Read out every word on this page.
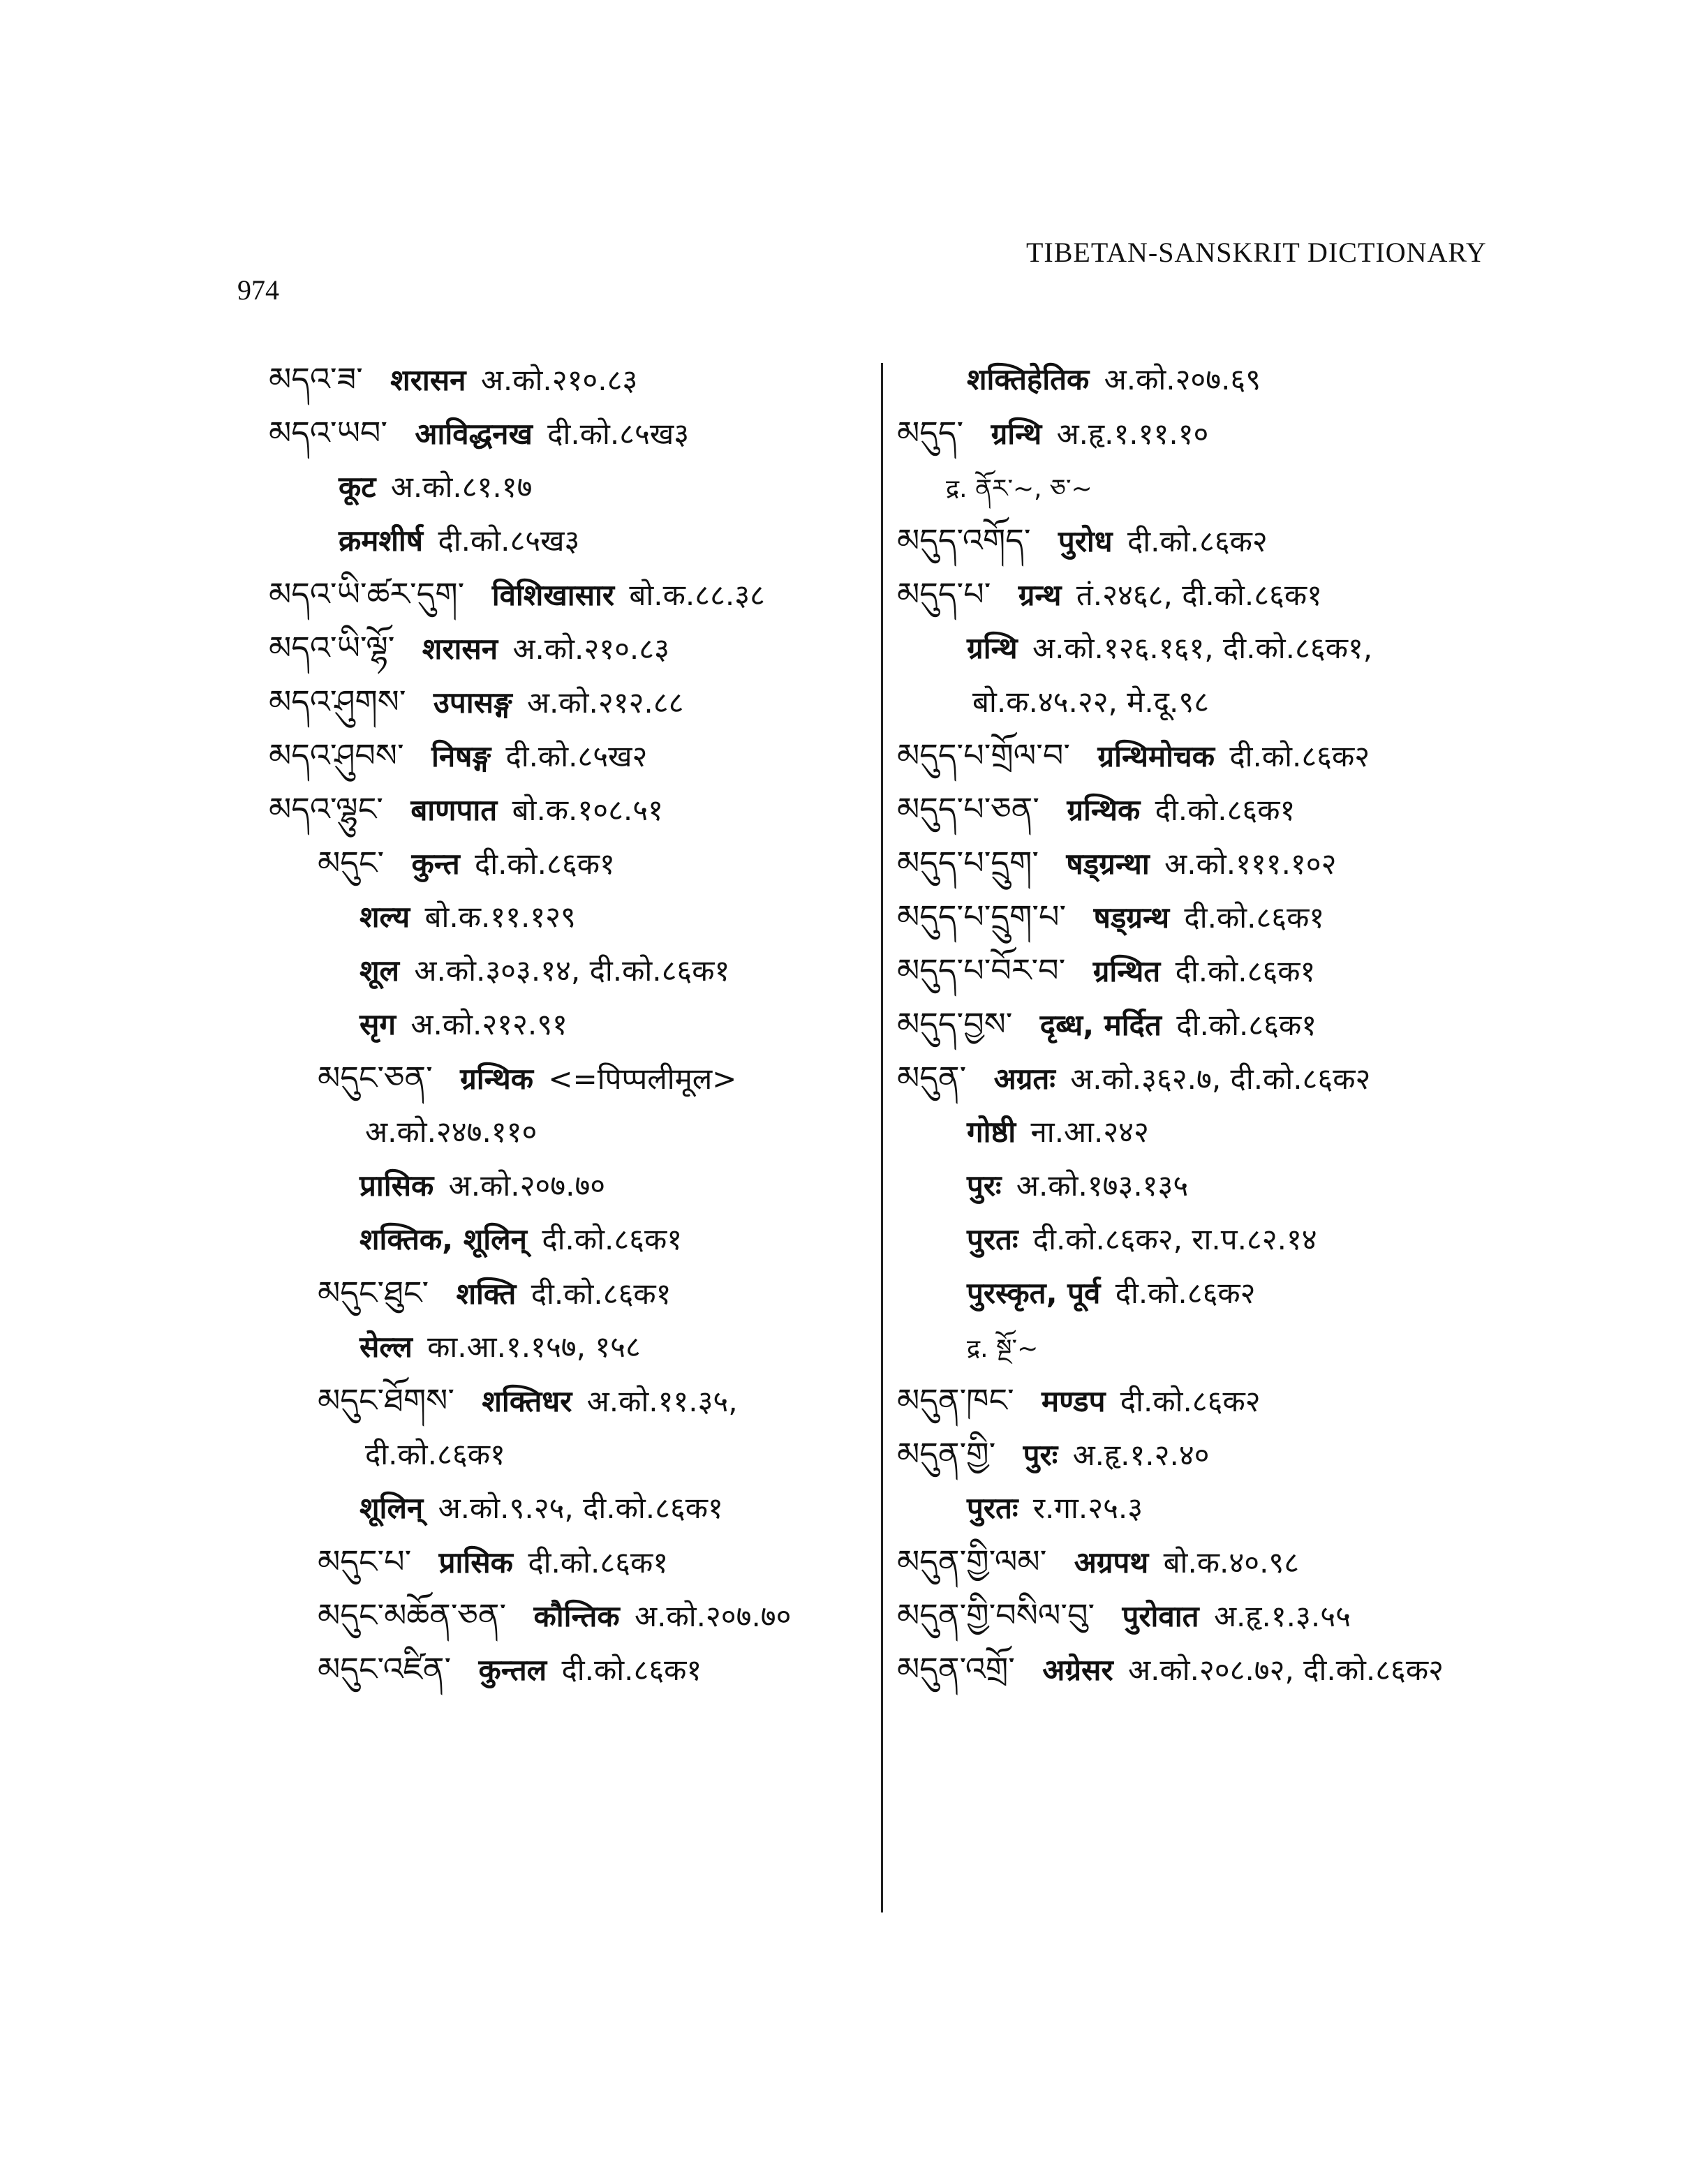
974
TIBETAN-SANSKRIT DICTIONARY
མདའ་ཟ་ शरासन अ.को.२१०.८३
མདའ་ཡབ་ आविद्धनख दी.को.८५ख३
कूट अ.को.८१.१७
क्रमशीर्ष दी.को.८५ख३
མདའ་ཡི་ཚར་དུག་ विशिखासार बो.क.८८.३८
མདའ་ཡི་ལྷོ་ शरासन अ.को.२१०.८३
མདའ་ཤུགས་ उपासङ्ग अ.को.२१२.८८
མདའ་ཤུབས་ निषङ्ग दी.को.८५ख२
མདའ་ལྷུང་ बाणपात बो.क.१०८.५१
མདུང་ कुन्त दी.को.८६क१
शल्य बो.क.११.१२९
शूल अ.को.३०३.१४, दी.को.८६क१
सृग अ.को.२१२.९१
མདུང་ཅན་ ग्रन्थिक <=पिप्पलीमूल>
अ.को.२४७.११०
प्रासिक अ.को.२०७.७०
शक्तिक, शूलिन् दी.को.८६क१
མདུང་ཐུང་ शक्ति दी.को.८६क१
सेल्ल का.आ.१.१५७, १५८
མདུང་ཐོགས་ शक्तिधर अ.को.११.३५,
दी.को.८६क१
शूलिन् अ.को.९.२५, दी.को.८६क१
མདུང་པ་ प्रासिक दी.को.८६क१
མདུང་མཆོན་ཅན་ कौन्तिक अ.को.२०७.७०
མདུང་འཛིན་ कुन्तल दी.को.८६क१
शक्तिहेतिक अ.को.२०७.६९
མདུད་ ग्रन्थि अ.हृ.१.११.१०
द्र. ནོར་~, ཅ་~
མདུད་འགོད་ पुरोध दी.को.८६क२
མདུད་པ་ ग्रन्थ तं.२४६८, दी.को.८६क१
ग्रन्थि अ.को.१२६.१६१, दी.को.८६क१,
बो.क.४५.२२, मे.दू.९८
མདུད་པ་གྲོལ་བ་ ग्रन्थिमोचक दी.को.८६क२
མདུད་པ་ཅན་ ग्रन्थिक दी.को.८६क१
མདུད་པ་དྲུག་ षड्ग्रन्था अ.को.१११.१०२
མདུད་པ་དྲུག་པ་ षड्ग्रन्थ दी.को.८६क१
མདུད་པ་བོར་བ་ ग्रन्थित दी.को.८६क१
མདུད་བྱས་ दृब्ध, मर्दित दी.को.८६क१
མདུན་ अग्रतः अ.को.३६२.७, दी.को.८६क२
गोष्ठी ना.आ.२४२
पुरः अ.को.१७३.१३५
पुरतः दी.को.८६क२, रा.प.८२.१४
पुरस्कृत, पूर्व दी.को.८६क२
द्र. སྔོ་~
མདུན་ཁང་ मण्डप दी.को.८६क२
མདུན་གྱི་ पुरः अ.हृ.१.२.४०
पुरतः र.गा.२५.३
མདུན་གྱི་ལམ་ अग्रपथ बो.क.४०.९८
མདུན་གྱི་བསིལ་བུ་ पुरोवात अ.हृ.१.३.५५
མདུན་འགྲོ་ अग्रेसर अ.को.२०८.७२, दी.को.८६क२
